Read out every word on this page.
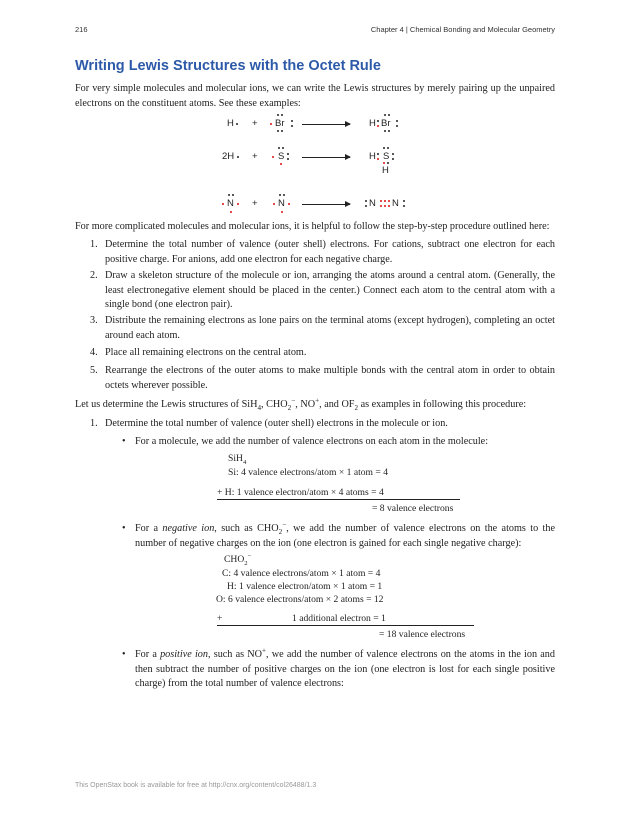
216	Chapter 4 | Chemical Bonding and Molecular Geometry
Writing Lewis Structures with the Octet Rule

For very simple molecules and molecular ions, we can write the Lewis structures by merely pairing up the unpaired electrons on the constituent atoms. See these examples:

H + Br → H Br
2H + S → H S
H
N + N → N N

For more complicated molecules and molecular ions, it is helpful to follow the step-by-step procedure outlined here:

1. Determine the total number of valence (outer shell) electrons. For cations, subtract one electron for each positive charge. For anions, add one electron for each negative charge.
2. Draw a skeleton structure of the molecule or ion, arranging the atoms around a central atom. (Generally, the least electronegative element should be placed in the center.) Connect each atom to the central atom with a single bond (one electron pair).
3. Distribute the remaining electrons as lone pairs on the terminal atoms (except hydrogen), completing an octet around each atom.
4. Place all remaining electrons on the central atom.
5. Rearrange the electrons of the outer atoms to make multiple bonds with the central atom in order to obtain octets wherever possible.

Let us determine the Lewis structures of SiH$_4$, $CHO_2^-$, NO+, and $OF_2$ as examples in following this procedure:

1. Determine the total number of valence (outer shell) electrons in the molecule or ion.
• For a molecule, we add the number of valence electrons on each atom in the molecule:
SiH$_4$
Si: 4 valence electrons/atom × 1 atom = 4
+ H: 1 valence electron/atom × 4 atoms = 4
= 8 valence electrons
• For a negative ion, such as $CHO_2^-$, we add the number of valence electrons on the atoms to the number of negative charges on the ion (one electron is gained for each single negative charge):
$CHO_2^-$
C: 4 valence electrons/atom × 1 atom = 4
H: 1 valence electron/atom × 1 atom = 1
O: 6 valence electrons/atom × 2 atoms = 12
+	1 additional electron = 1
= 18 valence electrons
• For a positive ion, such as NO+, we add the number of valence electrons on the atoms in the ion and then subtract the number of positive charges on the ion (one electron is lost for each single positive charge) from the total number of valence electrons:
This OpenStax book is available for free at http://cnx.org/content/col26488/1.3
